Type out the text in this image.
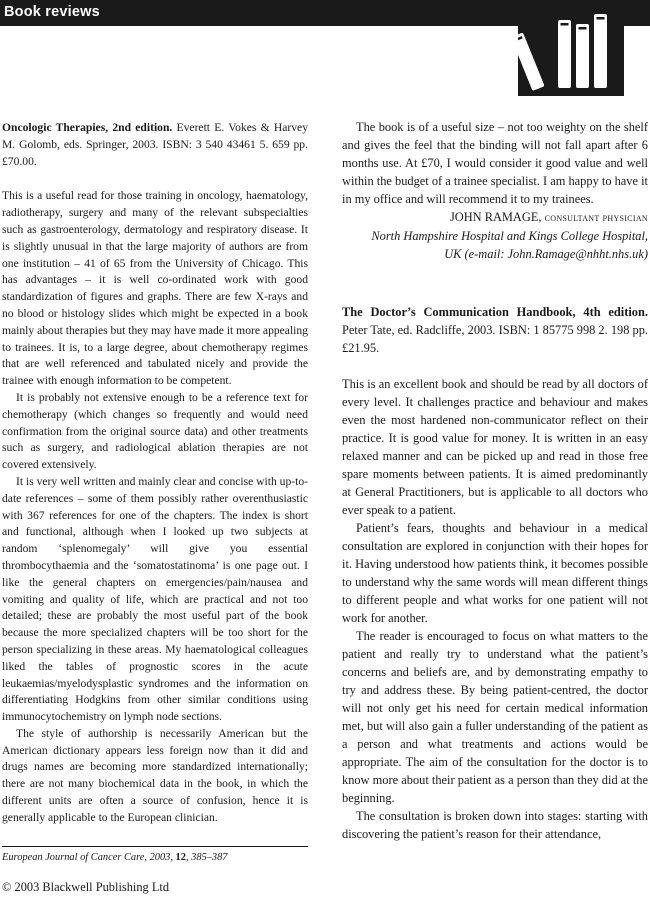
Book reviews

Oncologic Therapies, 2nd edition. Everett E. Vokes & Harvey M. Golomb, eds. Springer, 2003. ISBN: 3 540 43461 5. 659 pp. £70.00.

This is a useful read for those training in oncology, haematology, radiotherapy, surgery and many of the relevant subspecialties such as gastroenterology, dermatology and respiratory disease. It is slightly unusual in that the large majority of authors are from one institution – 41 of 65 from the University of Chicago. This has advantages – it is well co-ordinated work with good standardization of figures and graphs. There are few X-rays and no blood or histology slides which might be expected in a book mainly about therapies but they may have made it more appealing to trainees. It is, to a large degree, about chemotherapy regimes that are well referenced and tabulated nicely and provide the trainee with enough information to be competent.

It is probably not extensive enough to be a reference text for chemotherapy (which changes so frequently and would need confirmation from the original source data) and other treatments such as surgery, and radiological ablation therapies are not covered extensively.

It is very well written and mainly clear and concise with up-to-date references – some of them possibly rather overenthusiastic with 367 references for one of the chapters. The index is short and functional, although when I looked up two subjects at random ‘splenomegaly’ will give you essential thrombocythaemia and the ‘somatostatinoma’ is one page out. I like the general chapters on emergencies/pain/nausea and vomiting and quality of life, which are practical and not too detailed; these are probably the most useful part of the book because the more specialized chapters will be too short for the person specializing in these areas. My haematological colleagues liked the tables of prognostic scores in the acute leukaemias/myelodysplastic syndromes and the information on differentiating Hodgkins from other similar conditions using immunocytochemistry on lymph node sections.

The style of authorship is necessarily American but the American dictionary appears less foreign now than it did and drugs names are becoming more standardized internationally; there are not many biochemical data in the book, in which the different units are often a source of confusion, hence it is generally applicable to the European clinician.

The book is of a useful size – not too weighty on the shelf and gives the feel that the binding will not fall apart after 6 months use. At £70, I would consider it good value and well within the budget of a trainee specialist. I am happy to have it in my office and will recommend it to my trainees.

JOHN RAMAGE, consultant physician

North Hampshire Hospital and Kings College Hospital,

UK (e-mail: John.Ramage@nhht.nhs.uk)

The Doctor’s Communication Handbook, 4th edition. Peter Tate, ed. Radcliffe, 2003. ISBN: 1 85775 998 2. 198 pp. £21.95.

This is an excellent book and should be read by all doctors of every level. It challenges practice and behaviour and makes even the most hardened non-communicator reflect on their practice. It is good value for money. It is written in an easy relaxed manner and can be picked up and read in those free spare moments between patients. It is aimed predominantly at General Practitioners, but is applicable to all doctors who ever speak to a patient.

Patient’s fears, thoughts and behaviour in a medical consultation are explored in conjunction with their hopes for it. Having understood how patients think, it becomes possible to understand why the same words will mean different things to different people and what works for one patient will not work for another.

The reader is encouraged to focus on what matters to the patient and really try to understand what the patient’s concerns and beliefs are, and by demonstrating empathy to try and address these. By being patient-centred, the doctor will not only get his need for certain medical information met, but will also gain a fuller understanding of the patient as a person and what treatments and actions would be appropriate. The aim of the consultation for the doctor is to know more about their patient as a person than they did at the beginning.

The consultation is broken down into stages: starting with discovering the patient’s reason for their attendance,

European Journal of Cancer Care, 2003, 12, 385–387
© 2003 Blackwell Publishing Ltd
